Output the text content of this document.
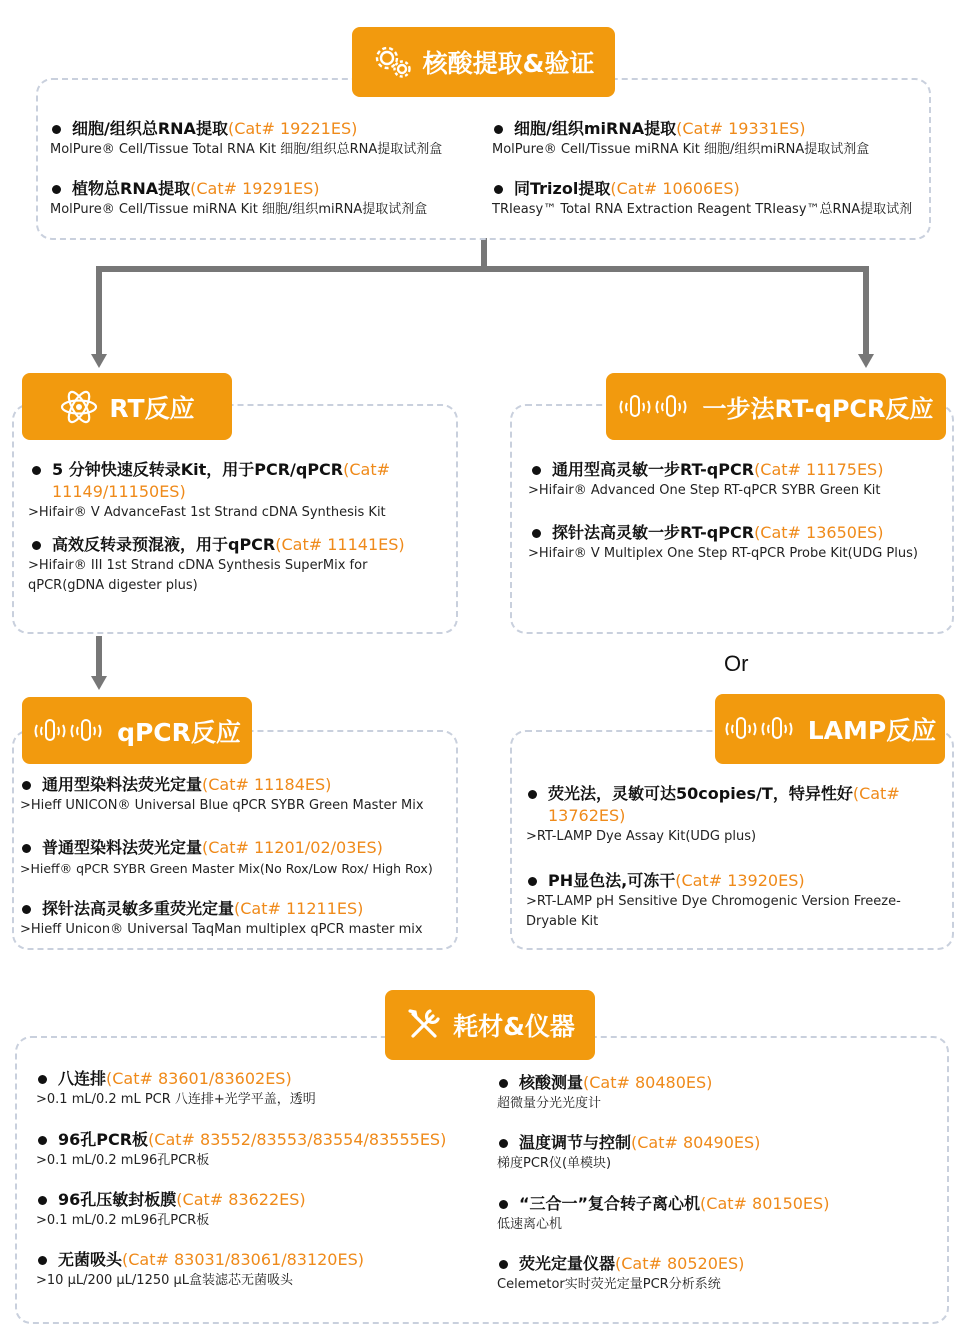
核酸提取&验证
细胞/组织总RNA提取(Cat# 19221ES)
MolPure® Cell/Tissue Total RNA Kit 细胞/组织总RNA提取试剂盒
细胞/组织miRNA提取(Cat# 19331ES)
MolPure® Cell/Tissue miRNA Kit 细胞/组织miRNA提取试剂盒
植物总RNA提取(Cat# 19291ES)
MolPure® Cell/Tissue miRNA Kit 细胞/组织miRNA提取试剂盒
同Trizol提取(Cat# 10606ES)
TRIeasy™ Total RNA Extraction Reagent TRIeasy™总RNA提取试剂
RT反应
5 分钟快速反转录Kit，用于PCR/qPCR(Cat# 11149/11150ES)
>Hifair® Ⅴ AdvanceFast 1st Strand cDNA Synthesis Kit
高效反转录预混液，用于qPCR(Cat# 11141ES)
>Hifair® III 1st Strand cDNA Synthesis SuperMix for qPCR(gDNA digester plus)
一步法RT-qPCR反应
通用型高灵敏一步RT-qPCR(Cat# 11175ES)
>Hifair® Advanced One Step RT-qPCR SYBR Green Kit
探针法高灵敏一步RT-qPCR(Cat# 13650ES)
>Hifair® V Multiplex One Step RT-qPCR Probe Kit(UDG Plus)
Or
qPCR反应
通用型染料法荧光定量(Cat# 11184ES)
>Hieff UNICON® Universal Blue qPCR SYBR Green Master Mix
普通型染料法荧光定量(Cat# 11201/02/03ES)
>Hieff® qPCR SYBR Green Master Mix(No Rox/Low Rox/ High Rox)
探针法高灵敏多重荧光定量(Cat# 11211ES)
>Hieff Unicon® Universal TaqMan multiplex qPCR master mix
LAMP反应
荧光法，灵敏可达50copies/T，特异性好(Cat# 13762ES)
>RT-LAMP Dye Assay Kit(UDG plus)
PH显色法,可冻干(Cat# 13920ES)
>RT-LAMP pH Sensitive Dye Chromogenic Version Freeze-Dryable Kit
耗材&仪器
八连排(Cat# 83601/83602ES)
>0.1 mL/0.2 mL PCR 八连排+光学平盖，透明
96孔PCR板(Cat# 83552/83553/83554/83555ES)
>0.1 mL/0.2 mL96孔PCR板
96孔压敏封板膜(Cat# 83622ES)
>0.1 mL/0.2 mL96孔PCR板
无菌吸头(Cat# 83031/83061/83120ES)
>10 μL/200 μL/1250 μL盒装滤芯无菌吸头
核酸测量(Cat# 80480ES)
超微量分光光度计
温度调节与控制(Cat# 80490ES)
梯度PCR仪(单模块)
“三合一”复合转子离心机(Cat# 80150ES)
低速离心机
荧光定量仪器(Cat# 80520ES)
Celemetor实时荧光定量PCR分析系统
